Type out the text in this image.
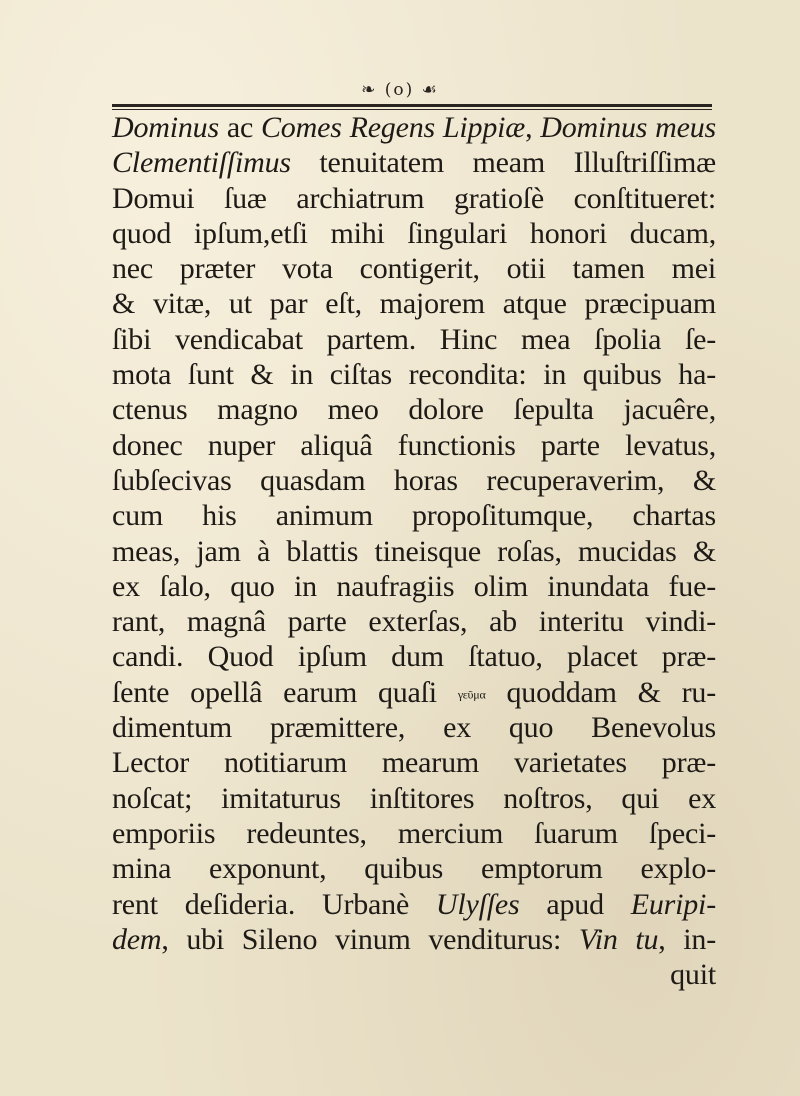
❧ (o) ☙
Dominus ac Comes Regens Lippiæ, Dominus meus
Clementiſſimus tenuitatem meam Illuſtriſſimæ
Domui ſuæ archiatrum gratioſè conſtitueret:
quod ipſum,etſi mihi ſingulari honori ducam,
nec præter vota contigerit, otii tamen mei
& vitæ, ut par eſt, majorem atque præcipuam
ſibi vendicabat partem. Hinc mea ſpolia ſe-
mota ſunt & in ciſtas recondita: in quibus ha-
ctenus magno meo dolore ſepulta jacuêre,
donec nuper aliquâ functionis parte levatus,
ſubſecivas quasdam horas recuperaverim, &
cum his animum propoſitumque, chartas
meas, jam à blattis tineisque roſas, mucidas &
ex ſalo, quo in naufragiis olim inundata fue-
rant, magnâ parte exterſas, ab interitu vindi-
candi. Quod ipſum dum ſtatuo, placet præ-
ſente opellâ earum quaſi γεῦμα quoddam & ru-
dimentum præmittere, ex quo Benevolus
Lector notitiarum mearum varietates præ-
noſcat; imitaturus inſtitores noſtros, qui ex
emporiis redeuntes, mercium ſuarum ſpeci-
mina exponunt, quibus emptorum explo-
rent deſideria. Urbanè Ulyſſes apud Euripi-
dem, ubi Sileno vinum venditurus: Vin tu, in-
quit
